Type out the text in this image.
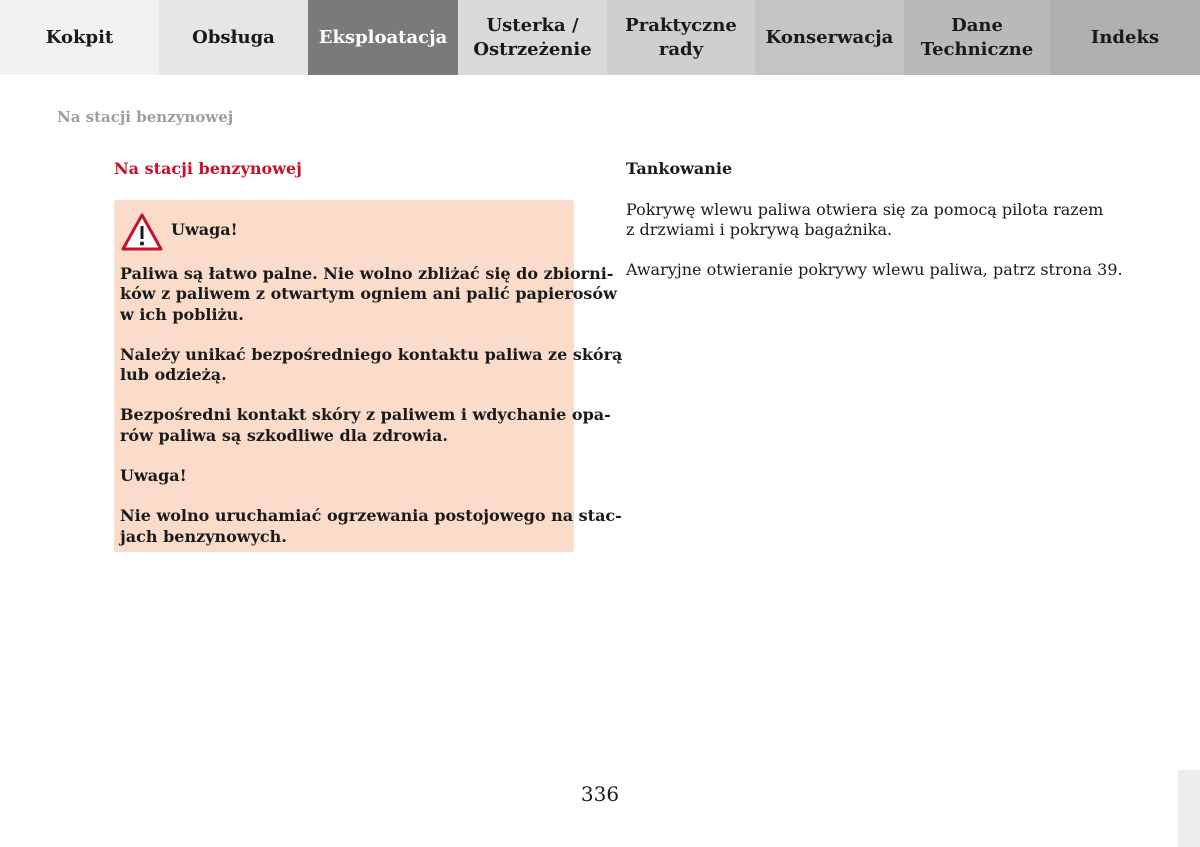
Kokpit	Obsługa	Eksploatacja
Usterka /
Ostrzeżenie
Praktyczne
rady
Konserwacja
Dane
Techniczne
Indeks
Na stacji benzynowej
Na stacji benzynowej
Uwaga!

Paliwa są łatwo palne. Nie wolno zbliżać się do zbiorni-
ków z paliwem z otwartym ogniem ani palić papierosów
w ich pobliżu.

Należy unikać bezpośredniego kontaktu paliwa ze skórą
lub odzieżą.

Bezpośredni kontakt skóry z paliwem i wdychanie opa-
rów paliwa są szkodliwe dla zdrowia.

Uwaga!

Nie wolno uruchamiać ogrzewania postojowego na stac-
jach benzynowych.

Tankowanie
Pokrywę wlewu paliwa otwiera się za pomocą pilota razem
z drzwiami i pokrywą bagażnika.
Awaryjne otwieranie pokrywy wlewu paliwa, patrz strona 39.
336
